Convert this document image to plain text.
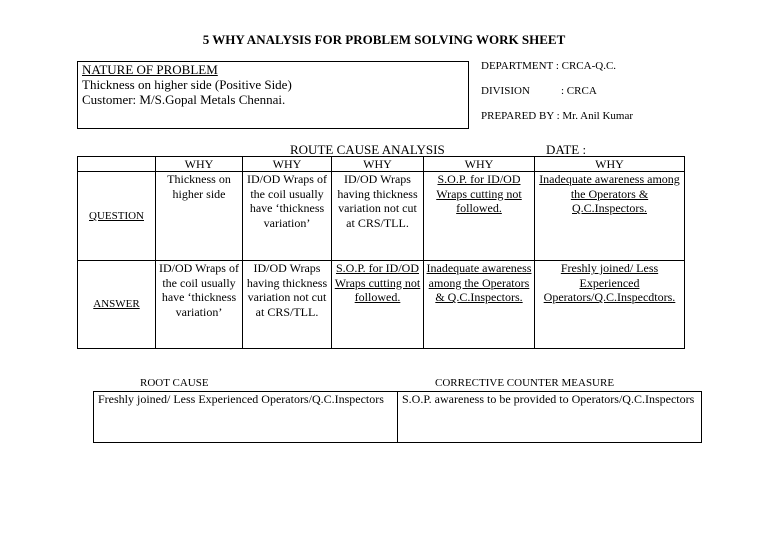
5 WHY ANALYSIS FOR PROBLEM SOLVING WORK SHEET
NATURE OF PROBLEM
Thickness on higher side (Positive Side)
Customer: M/S.Gopal Metals Chennai.
DEPARTMENT : CRCA-Q.C.
DIVISION	: CRCA
PREPARED BY : Mr. Anil Kumar
ROUTE CAUSE ANALYSIS	DATE :
	WHY	WHY	WHY	WHY	WHY
QUESTION	Thickness on higher side	ID/OD Wraps of the coil usually have ‘thickness variation’	ID/OD Wraps having thickness variation not cut at CRS/TLL.	S.O.P. for ID/OD Wraps cutting not followed.	Inadequate awareness among the Operators & Q.C.Inspectors.
ANSWER	ID/OD Wraps of the coil usually have ‘thickness variation’	ID/OD Wraps having thickness variation not cut at CRS/TLL.	S.O.P. for ID/OD Wraps cutting not followed.	Inadequate awareness among the Operators & Q.C.Inspectors.	Freshly joined/ Less Experienced Operators/Q.C.Inspecdtors.
ROOT CAUSE	CORRECTIVE COUNTER MEASURE
Freshly joined/ Less Experienced Operators/Q.C.Inspectors	S.O.P. awareness to be provided to Operators/Q.C.Inspectors
